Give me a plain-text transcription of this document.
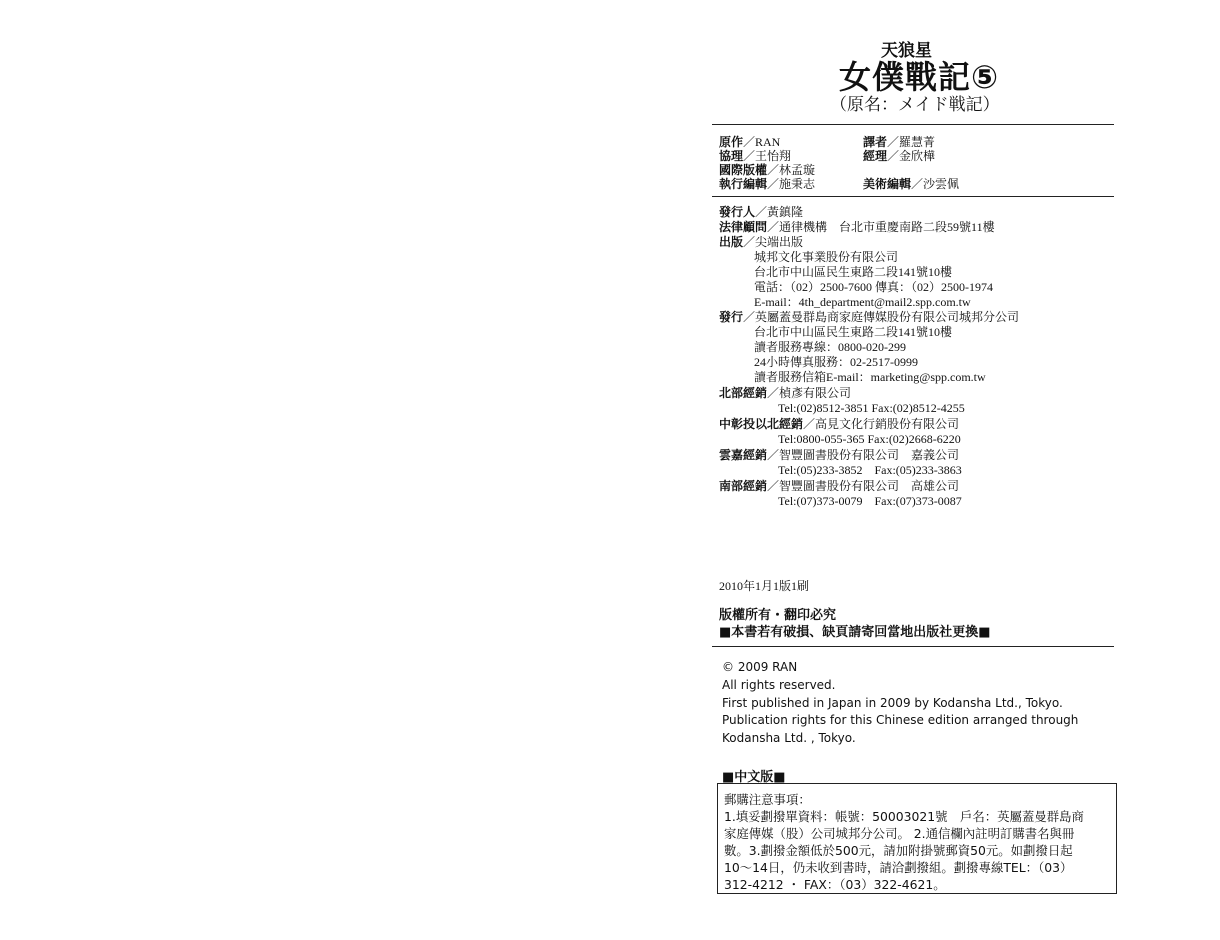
天狼星
女僕戰記⑤
（原名：メイド戦記）
原作／RAN
協理／王怡翔
國際版權／林孟璇
執行編輯／施秉志
譯者／羅慧菁
經理／金欣樺
美術編輯／沙雲佩
發行人／黃鎮隆
法律顧問／通律機構　台北市重慶南路二段59號11樓
出版／尖端出版
城邦文化事業股份有限公司
台北市中山區民生東路二段141號10樓
電話：（02）2500-7600 傳真：（02）2500-1974
E-mail：4th_department@mail2.spp.com.tw
發行／英屬蓋曼群島商家庭傳媒股份有限公司城邦分公司
台北市中山區民生東路二段141號10樓
讀者服務專線：0800-020-299
24小時傳真服務：02-2517-0999
讀者服務信箱E-mail：marketing@spp.com.tw
北部經銷／楨彥有限公司
Tel:(02)8512-3851 Fax:(02)8512-4255
中彰投以北經銷／高見文化行銷股份有限公司
Tel:0800-055-365 Fax:(02)2668-6220
雲嘉經銷／智豐圖書股份有限公司　嘉義公司
Tel:(05)233-3852　Fax:(05)233-3863
南部經銷／智豐圖書股份有限公司　高雄公司
Tel:(07)373-0079　Fax:(07)373-0087
2010年1月1版1刷
版權所有・翻印必究
■本書若有破損、缺頁請寄回當地出版社更換■
© 2009 RAN
All rights reserved.
First published in Japan in 2009 by Kodansha Ltd., Tokyo.
Publication rights for this Chinese edition arranged through
Kodansha Ltd. , Tokyo.
■中文版■
郵購注意事項：
1.填妥劃撥單資料：帳號：50003021號　戶名：英屬蓋曼群島商
家庭傳媒（股）公司城邦分公司。 2.通信欄內註明訂購書名與冊
數。3.劃撥金額低於500元，請加附掛號郵資50元。如劃撥日起
10～14日，仍未收到書時，請洽劃撥組。劃撥專線TEL：（03）
312-4212 ・ FAX：（03）322-4621。
